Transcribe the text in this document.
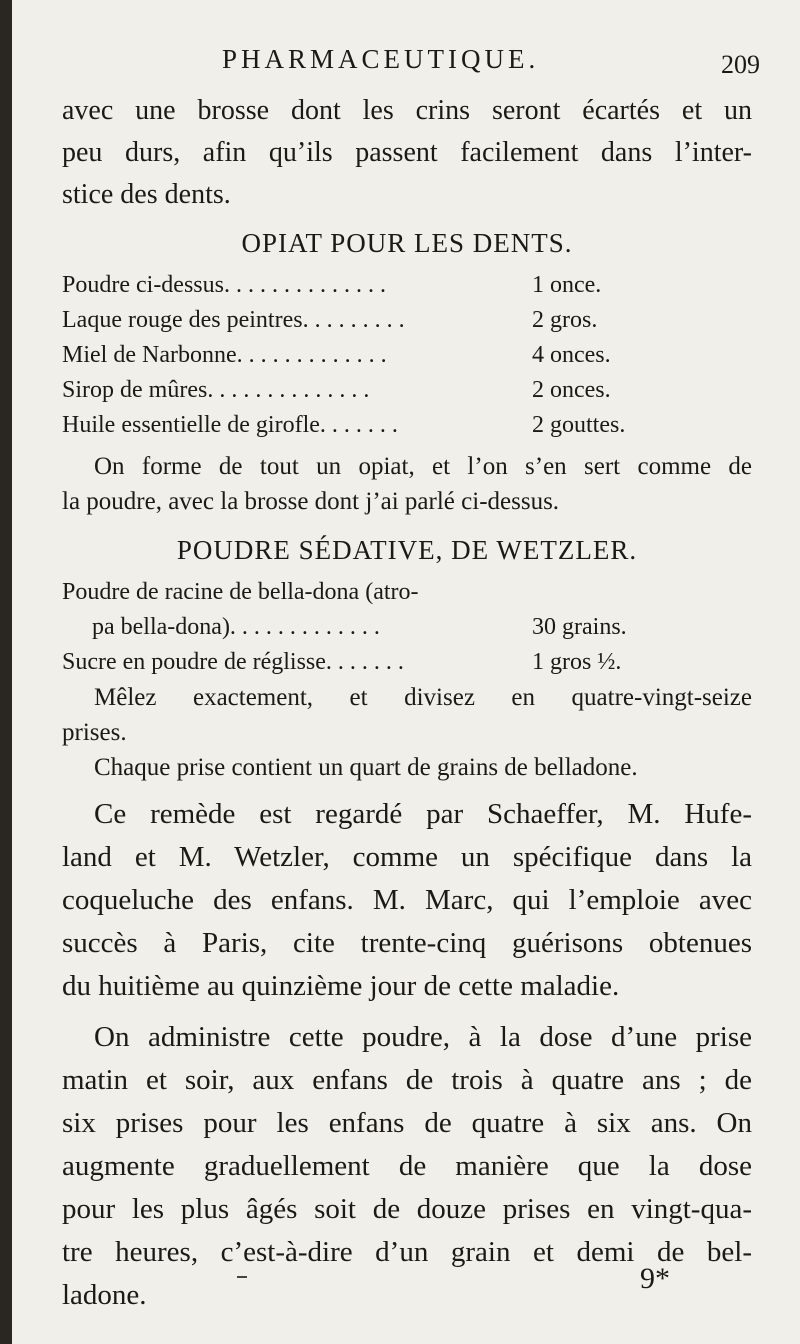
PHARMACEUTIQUE.	209
avec une brosse dont les crins seront écartés et un
peu durs, afin qu’ils passent facilement dans l’inter-
stice des dents.
OPIAT POUR LES DENTS.
Poudre ci-dessus. . . . . . . . . . . . . .	1 once.
Laque rouge des peintres. . . . . . . . .	2 gros.
Miel de Narbonne. . . . . . . . . . . . .	4 onces.
Sirop de mûres. . . . . . . . . . . . . .	2 onces.
Huile essentielle de girofle. . . . . . .	2 gouttes.
On forme de tout un opiat, et l’on s’en sert comme de
la poudre, avec la brosse dont j’ai parlé ci-dessus.
POUDRE SÉDATIVE, DE WETZLER.
Poudre de racine de bella-dona (atro-
pa bella-dona). . . . . . . . . . . . .	30 grains.
Sucre en poudre de réglisse. . . . . . .	1 gros ½.
Mêlez exactement, et divisez en quatre-vingt-seize
prises.
Chaque prise contient un quart de grains de belladone.
Ce remède est regardé par Schaeffer, M. Hufe-
land et M. Wetzler, comme un spécifique dans la
coqueluche des enfans. M. Marc, qui l’emploie avec
succès à Paris, cite trente-cinq guérisons obtenues
du huitième au quinzième jour de cette maladie.
On administre cette poudre, à la dose d’une prise
matin et soir, aux enfans de trois à quatre ans ; de
six prises pour les enfans de quatre à six ans. On
augmente graduellement de manière que la dose
pour les plus âgés soit de douze prises en vingt-qua-
tre heures, c’est-à-dire d’un grain et demi de bel-
ladone.	9*
